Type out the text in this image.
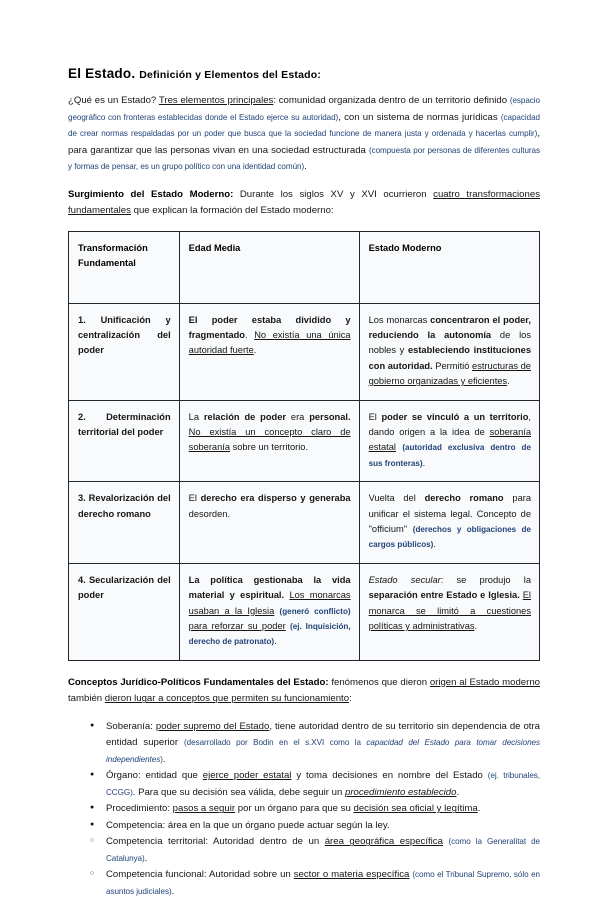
El Estado. Definición y Elementos del Estado:

¿Qué es un Estado? Tres elementos principales: comunidad organizada dentro de un territorio definido (espacio geográfico con fronteras establecidas donde el Estado ejerce su autoridad), con un sistema de normas jurídicas (capacidad de crear normas respaldadas por un poder que busca que la sociedad funcione de manera justa y ordenada y hacerlas cumplir), para garantizar que las personas vivan en una sociedad estructurada (compuesta por personas de diferentes culturas y formas de pensar, es un grupo político con una identidad común).

Surgimiento del Estado Moderno: Durante los siglos XV y XVI ocurrieron cuatro transformaciones fundamentales que explican la formación del Estado moderno:

Transformación Fundamental	Edad Media	Estado Moderno
1. Unificación y centralización del poder	El poder estaba dividido y fragmentado. No existía una única autoridad fuerte.	Los monarcas concentraron el poder, reduciendo la autonomía de los nobles y estableciendo instituciones con autoridad. Permitió estructuras de gobierno organizadas y eficientes.
2. Determinación territorial del poder	La relación de poder era personal. No existía un concepto claro de soberanía sobre un territorio.	El poder se vinculó a un territorio, dando origen a la idea de soberanía estatal (autoridad exclusiva dentro de sus fronteras).
3. Revalorización del derecho romano	El derecho era disperso y generaba desorden.	Vuelta del derecho romano para unificar el sistema legal. Concepto de "officium" (derechos y obligaciones de cargos públicos).
4. Secularización del poder	La política gestionaba la vida material y espiritual. Los monarcas usaban a la Iglesia (generó conflicto) para reforzar su poder (ej. Inquisición, derecho de patronato).	Estado secular: se produjo la separación entre Estado e Iglesia. El monarca se limitó a cuestiones políticas y administrativas.

Conceptos Jurídico-Políticos Fundamentales del Estado: fenómenos que dieron origen al Estado moderno también dieron lugar a conceptos que permiten su funcionamiento:

● Soberanía: poder supremo del Estado, tiene autoridad dentro de su territorio sin dependencia de otra entidad superior (desarrollado por Bodin en el s.XVI como la capacidad del Estado para tomar decisiones independientes).
● Órgano: entidad que ejerce poder estatal y toma decisiones en nombre del Estado (ej. tribunales, CCGG). Para que su decisión sea válida, debe seguir un procedimiento establecido.
● Procedimiento: pasos a seguir por un órgano para que su decisión sea oficial y legítima.
● Competencia: área en la que un órgano puede actuar según la ley.
○ Competencia territorial: Autoridad dentro de un área geográfica específica (como la Generalitat de Catalunya).
○ Competencia funcional: Autoridad sobre un sector o materia específica (como el Tribunal Supremo, sólo en asuntos judiciales).
